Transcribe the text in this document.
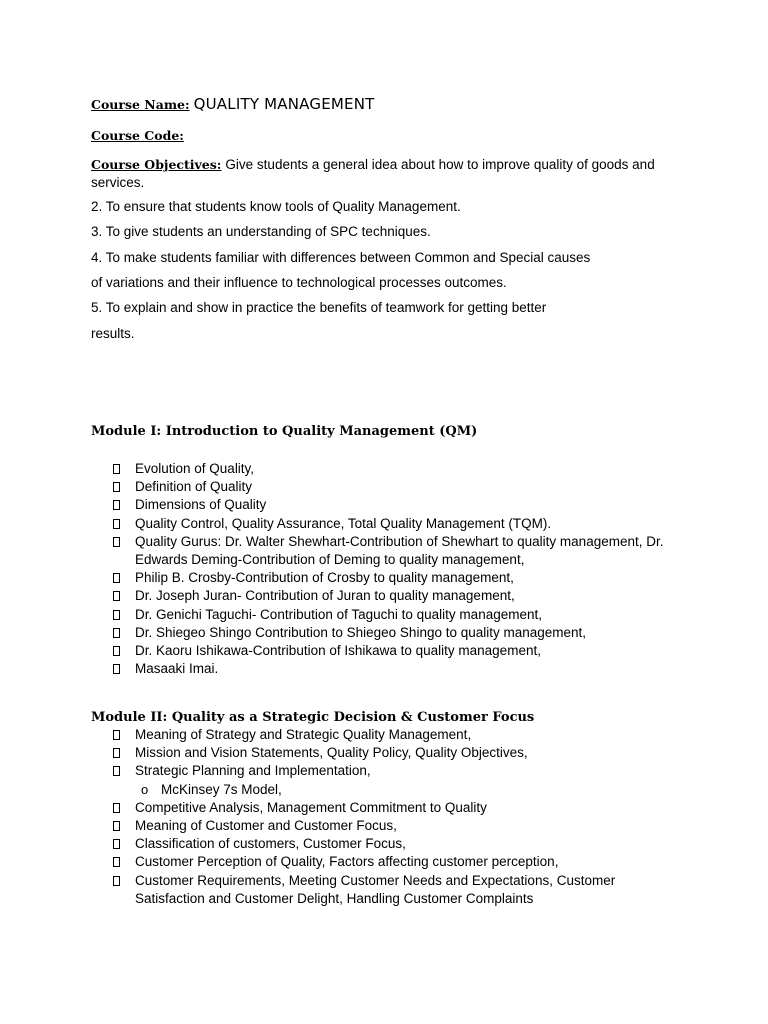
Course Name: QUALITY MANAGEMENT
Course Code:
Course Objectives: Give students a general idea about how to improve quality of goods and
services.
2. To ensure that students know tools of Quality Management.
3. To give students an understanding of SPC techniques.
4. To make students familiar with differences between Common and Special causes
of variations and their influence to technological processes outcomes.
5. To explain and show in practice the benefits of teamwork for getting better
results.
Module I: Introduction to Quality Management (QM)
Evolution of Quality,
Definition of Quality
Dimensions of Quality
Quality Control, Quality Assurance, Total Quality Management (TQM).
Quality Gurus: Dr. Walter Shewhart-Contribution of Shewhart to quality management, Dr. Edwards Deming-Contribution of Deming to quality management,
Philip B. Crosby-Contribution of Crosby to quality management,
Dr. Joseph Juran- Contribution of Juran to quality management,
Dr. Genichi Taguchi- Contribution of Taguchi to quality management,
Dr. Shiegeo Shingo Contribution to Shiegeo Shingo to quality management,
Dr. Kaoru Ishikawa-Contribution of Ishikawa to quality management,
Masaaki Imai.
Module II: Quality as a Strategic Decision & Customer Focus
Meaning of Strategy and Strategic Quality Management,
Mission and Vision Statements, Quality Policy, Quality Objectives,
Strategic Planning and Implementation,
o McKinsey 7s Model,
Competitive Analysis, Management Commitment to Quality
Meaning of Customer and Customer Focus,
Classification of customers, Customer Focus,
Customer Perception of Quality, Factors affecting customer perception,
Customer Requirements, Meeting Customer Needs and Expectations, Customer Satisfaction and Customer Delight, Handling Customer Complaints
